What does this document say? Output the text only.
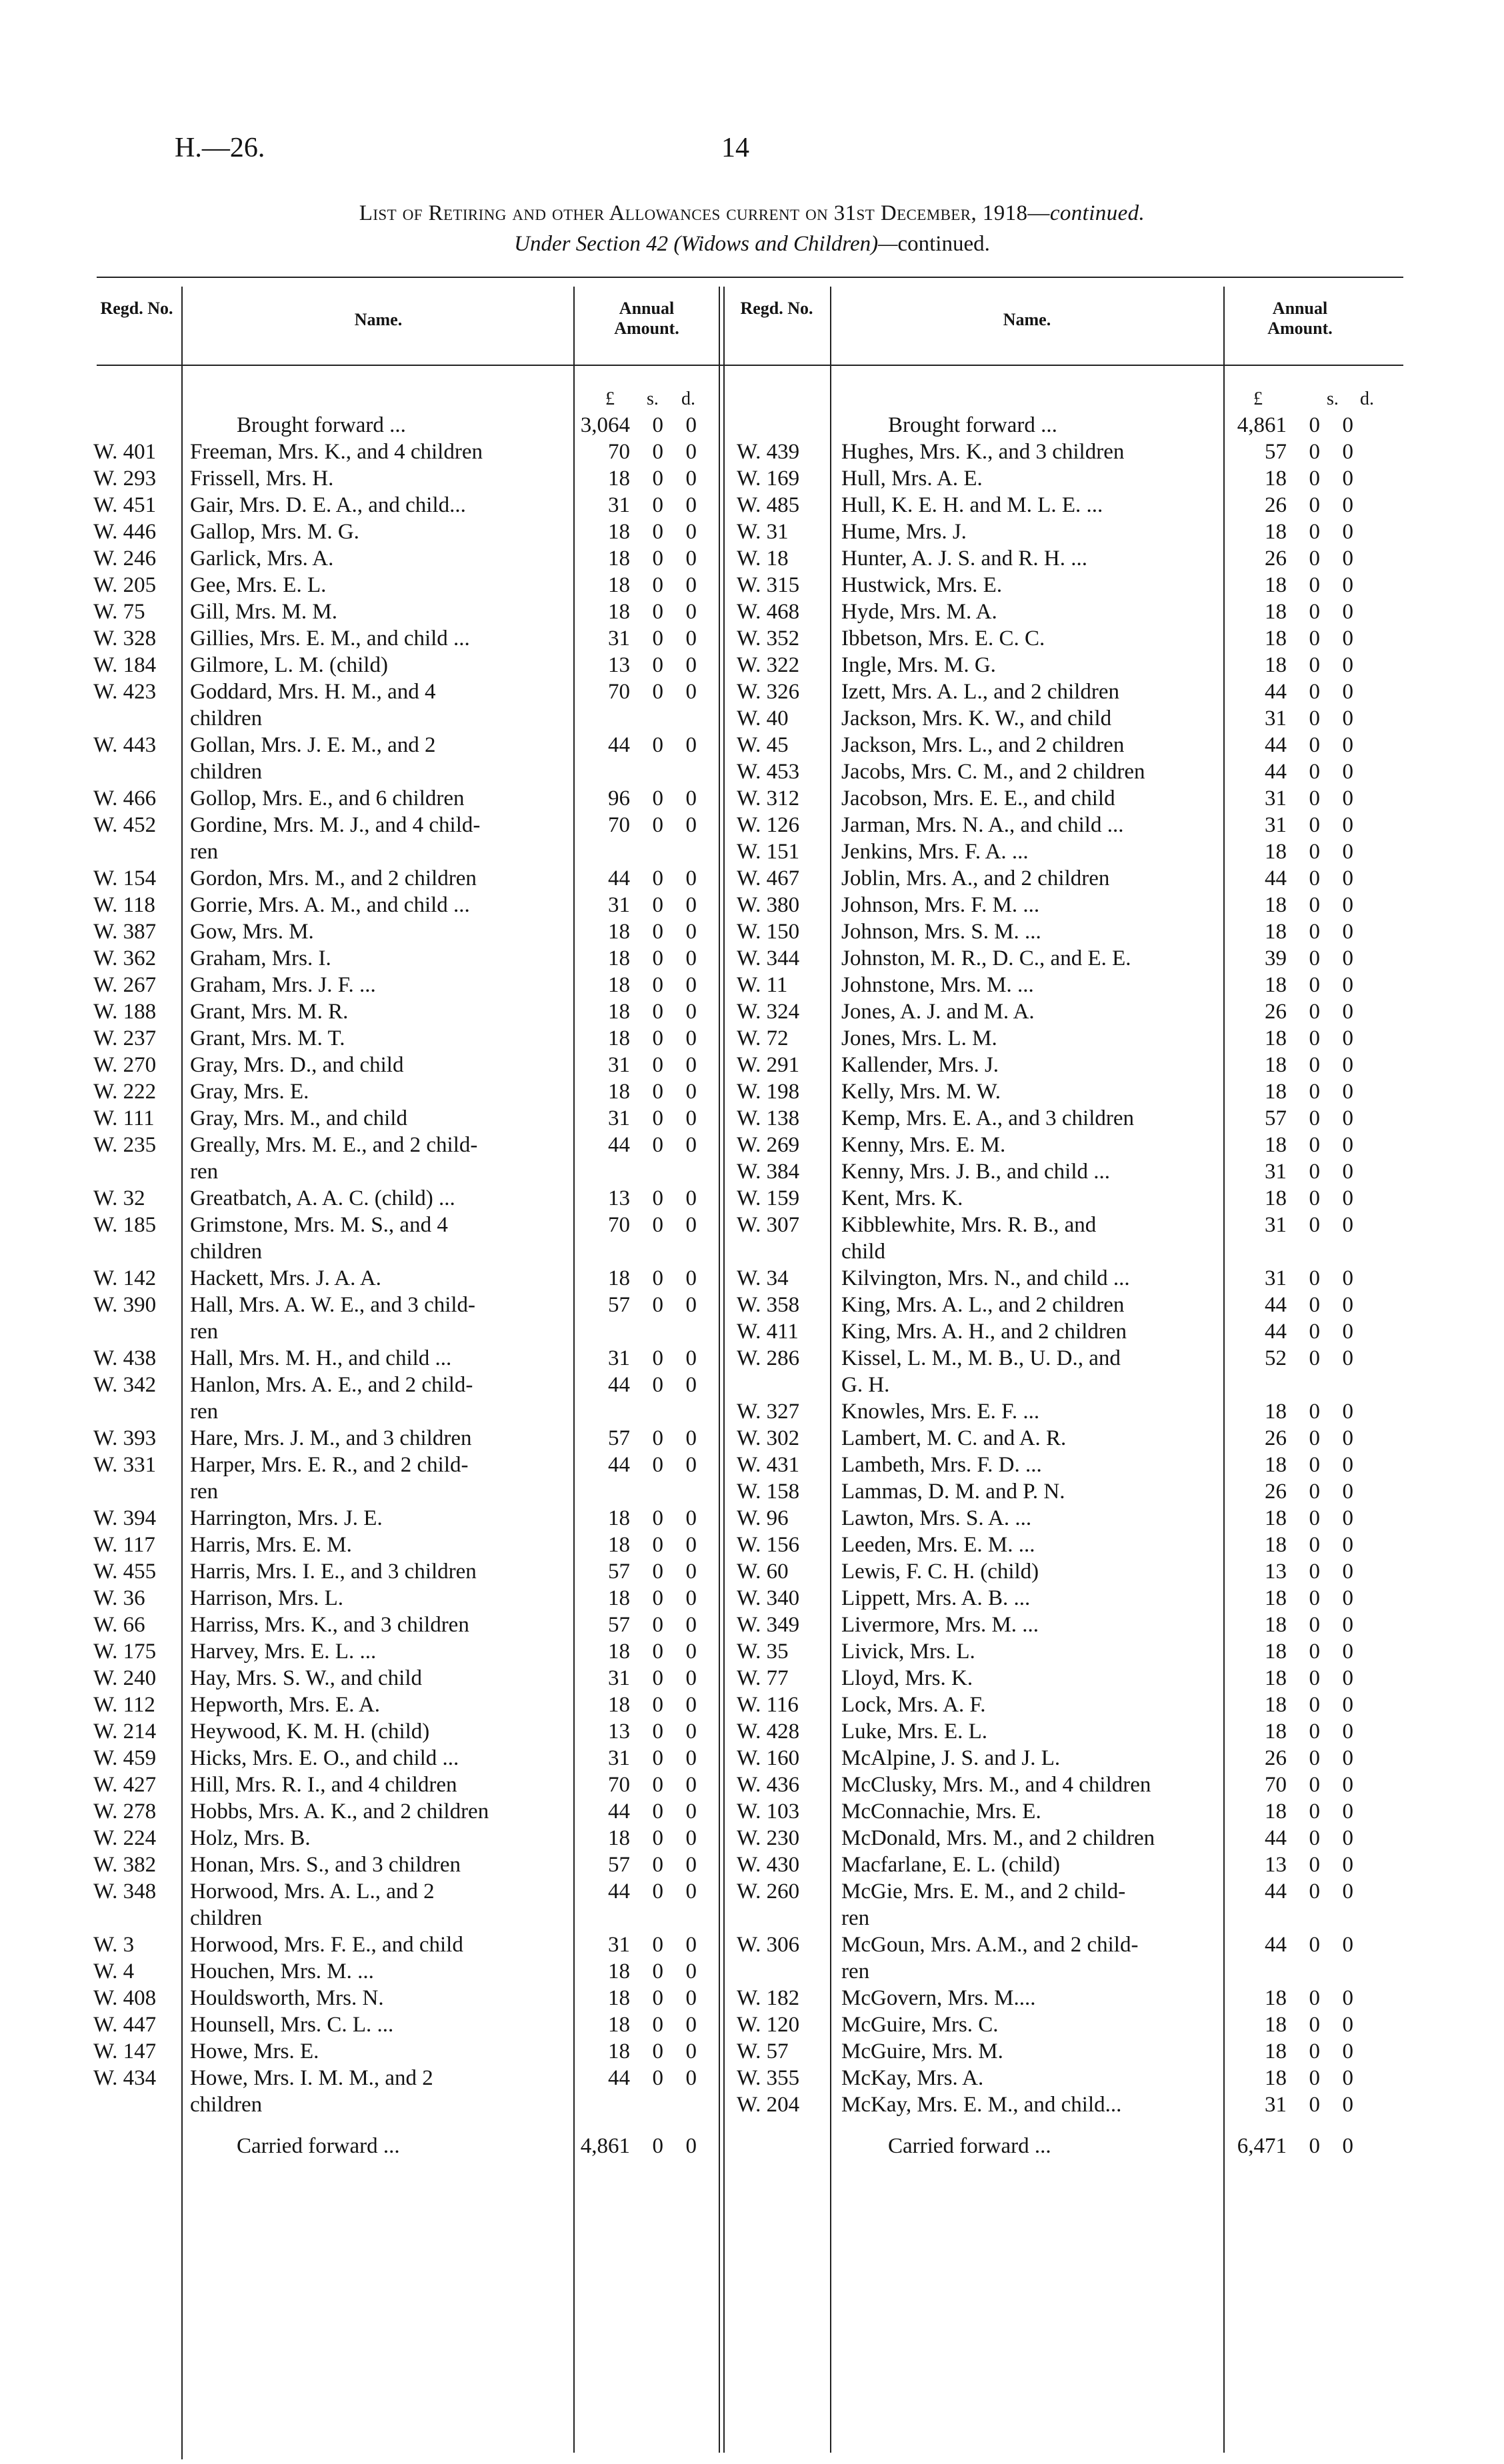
H.—26.	14
List of Retiring and other Allowances current on 31st December, 1918—continued.
Under Section 42 (Widows and Children)—continued.
Regd. No.
Name.
Annual Amount.
Regd. No.
Name.
Annual Amount.
£ s. d.	£	s. d.
Brought forward ...	3,064	0	0
W. 401 Freeman, Mrs. K., and 4 children	70	0	0
W. 293 Frissell, Mrs. H.	18	0	0
W. 451 Gair, Mrs. D. E. A., and child...	31	0	0
W. 446 Gallop, Mrs. M. G.	18	0	0
W. 246 Garlick, Mrs. A.	18	0	0
W. 205 Gee, Mrs. E. L.	18	0	0
W. 75 Gill, Mrs. M. M.	18	0	0
W. 328 Gillies, Mrs. E. M., and child ...	31	0	0
W. 184 Gilmore, L. M. (child)	13	0	0
W. 423 Goddard, Mrs. H. M., and 4	70	0	0
children
W. 443 Gollan, Mrs. J. E. M., and 2	44	0	0
children
W. 466 Gollop, Mrs. E., and 6 children	96	0	0
W. 452 Gordine, Mrs. M. J., and 4 child-	70	0	0
ren
W. 154 Gordon, Mrs. M., and 2 children	44	0	0
W. 118 Gorrie, Mrs. A. M., and child ...	31	0	0
W. 387 Gow, Mrs. M.	18	0	0
W. 362 Graham, Mrs. I.	18	0	0
W. 267 Graham, Mrs. J. F. ...	18	0	0
W. 188 Grant, Mrs. M. R.	18	0	0
W. 237 Grant, Mrs. M. T.	18	0	0
W. 270 Gray, Mrs. D., and child	31	0	0
W. 222 Gray, Mrs. E.	18	0	0
W. 111 Gray, Mrs. M., and child	31	0	0
W. 235 Greally, Mrs. M. E., and 2 child-	44	0	0
ren
W. 32 Greatbatch, A. A. C. (child) ...	13	0	0
W. 185 Grimstone, Mrs. M. S., and 4	70	0	0
children
W. 142 Hackett, Mrs. J. A. A.	18	0	0
W. 390 Hall, Mrs. A. W. E., and 3 child-	57	0	0
ren
W. 438 Hall, Mrs. M. H., and child ...	31	0	0
W. 342 Hanlon, Mrs. A. E., and 2 child-	44	0	0
ren
W. 393 Hare, Mrs. J. M., and 3 children	57	0	0
W. 331 Harper, Mrs. E. R., and 2 child-	44	0	0
ren
W. 394 Harrington, Mrs. J. E.	18	0	0
W. 117 Harris, Mrs. E. M.	18	0	0
W. 455 Harris, Mrs. I. E., and 3 children	57	0	0
W. 36 Harrison, Mrs. L.	18	0	0
W. 66 Harriss, Mrs. K., and 3 children	57	0	0
W. 175 Harvey, Mrs. E. L. ...	18	0	0
W. 240 Hay, Mrs. S. W., and child	31	0	0
W. 112 Hepworth, Mrs. E. A.	18	0	0
W. 214 Heywood, K. M. H. (child)	13	0	0
W. 459 Hicks, Mrs. E. O., and child ...	31	0	0
W. 427 Hill, Mrs. R. I., and 4 children	70	0	0
W. 278 Hobbs, Mrs. A. K., and 2 children	44	0	0
W. 224 Holz, Mrs. B.	18	0	0
W. 382 Honan, Mrs. S., and 3 children	57	0	0
W. 348 Horwood, Mrs. A. L., and 2	44	0	0
children
W. 3	Horwood, Mrs. F. E., and child	31	0	0
W. 4	Houchen, Mrs. M. ...	18	0	0
W. 408 Houldsworth, Mrs. N.	18	0	0
W. 447 Hounsell, Mrs. C. L. ...	18	0	0
W. 147 Howe, Mrs. E.	18	0	0
W. 434 Howe, Mrs. I. M. M., and 2	44	0	0
children
Carried forward ...	4,861	0	0
Brought forward ...	4,861	0	0
W. 439 Hughes, Mrs. K., and 3 children	57	0	0
W. 169 Hull, Mrs. A. E.	18	0	0
W. 485 Hull, K. E. H. and M. L. E. ...	26	0	0
W. 31 Hume, Mrs. J.	18	0	0
W. 18 Hunter, A. J. S. and R. H. ...	26	0	0
W. 315 Hustwick, Mrs. E.	18	0	0
W. 468 Hyde, Mrs. M. A.	18	0	0
W. 352 Ibbetson, Mrs. E. C. C.	18	0	0
W. 322 Ingle, Mrs. M. G.	18	0	0
W. 326 Izett, Mrs. A. L., and 2 children	44	0	0
W. 40 Jackson, Mrs. K. W., and child	31	0	0
W. 45 Jackson, Mrs. L., and 2 children	44	0	0
W. 453 Jacobs, Mrs. C. M., and 2 children	44	0	0
W. 312 Jacobson, Mrs. E. E., and child	31	0	0
W. 126 Jarman, Mrs. N. A., and child ...	31	0	0
W. 151 Jenkins, Mrs. F. A. ...	18	0	0
W. 467 Joblin, Mrs. A., and 2 children	44	0	0
W. 380 Johnson, Mrs. F. M. ...	18	0	0
W. 150 Johnson, Mrs. S. M. ...	18	0	0
W. 344 Johnston, M. R., D. C., and E. E.	39	0	0
W. 11 Johnstone, Mrs. M. ...	18	0	0
W. 324 Jones, A. J. and M. A.	26	0	0
W. 72 Jones, Mrs. L. M.	18	0	0
W. 291 Kallender, Mrs. J.	18	0	0
W. 198 Kelly, Mrs. M. W.	18	0	0
W. 138 Kemp, Mrs. E. A., and 3 children	57	0	0
W. 269 Kenny, Mrs. E. M.	18	0	0
W. 384 Kenny, Mrs. J. B., and child ...	31	0	0
W. 159 Kent, Mrs. K.	18	0	0
W. 307 Kibblewhite, Mrs. R. B., and	31	0	0
child
W. 34 Kilvington, Mrs. N., and child ...	31	0	0
W. 358 King, Mrs. A. L., and 2 children	44	0	0
W. 411 King, Mrs. A. H., and 2 children	44	0	0
W. 286 Kissel, L. M., M. B., U. D., and	52	0	0
G. H.
W. 327 Knowles, Mrs. E. F. ...	18	0	0
W. 302 Lambert, M. C. and A. R.	26	0	0
W. 431 Lambeth, Mrs. F. D. ...	18	0	0
W. 158 Lammas, D. M. and P. N.	26	0	0
W. 96 Lawton, Mrs. S. A. ...	18	0	0
W. 156 Leeden, Mrs. E. M. ...	18	0	0
W. 60 Lewis, F. C. H. (child)	13	0	0
W. 340 Lippett, Mrs. A. B. ...	18	0	0
W. 349 Livermore, Mrs. M. ...	18	0	0
W. 35 Livick, Mrs. L.	18	0	0
W. 77 Lloyd, Mrs. K.	18	0	0
W. 116 Lock, Mrs. A. F.	18	0	0
W. 428 Luke, Mrs. E. L.	18	0	0
W. 160 McAlpine, J. S. and J. L.	26	0	0
W. 436 McClusky, Mrs. M., and 4 children	70	0	0
W. 103 McConnachie, Mrs. E.	18	0	0
W. 230 McDonald, Mrs. M., and 2 children	44	0	0
W. 430 Macfarlane, E. L. (child)	13	0	0
W. 260 McGie, Mrs. E. M., and 2 child-	44	0	0
ren
W. 306 McGoun, Mrs. A.M., and 2 child-	44	0	0
ren
W. 182 McGovern, Mrs. M....	18	0	0
W. 120 McGuire, Mrs. C.	18	0	0
W. 57 McGuire, Mrs. M.	18	0	0
W. 355 McKay, Mrs. A.	18	0	0
W. 204 McKay, Mrs. E. M., and child...	31	0	0
Carried forward ...	6,471	0	0
